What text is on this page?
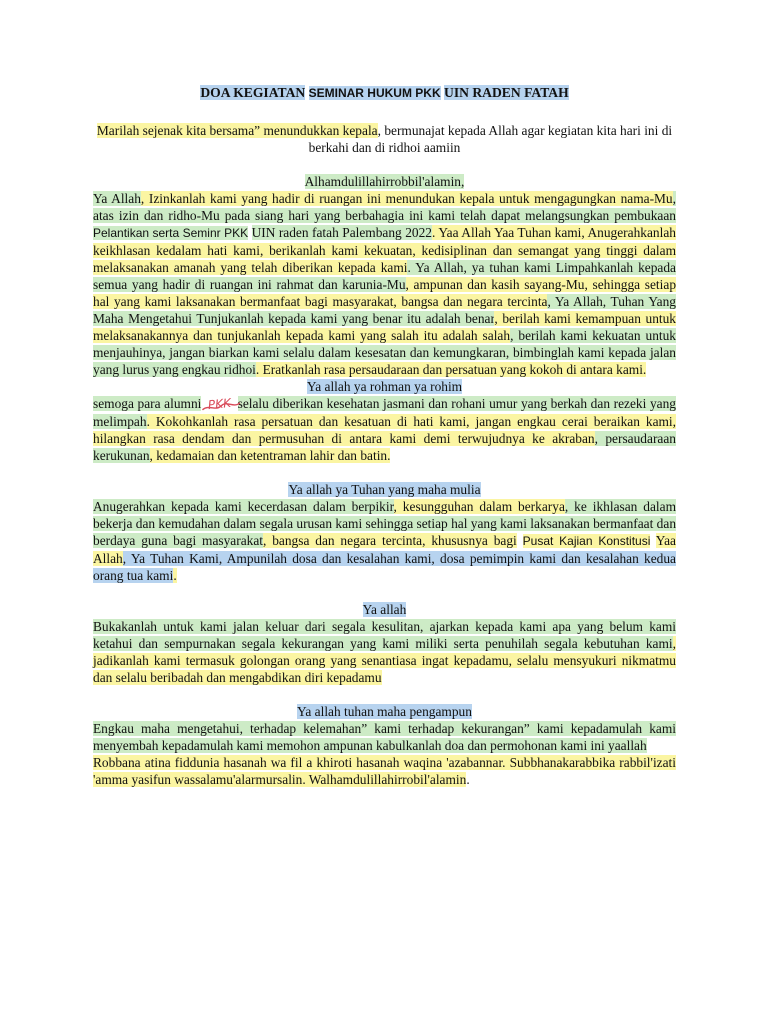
DOA KEGIATAN SEMINAR HUKUM PKK UIN RADEN FATAH

Marilah sejenak kita bersama” menundukkan kepala, bermunajat kepada Allah agar kegiatan kita hari ini di berkahi dan di ridhoi aamiin

Alhamdulillahirrobbil'alamin,

Ya Allah, Izinkanlah kami yang hadir di ruangan ini menundukan kepala untuk mengagungkan nama-Mu, atas izin dan ridho-Mu pada siang hari yang berbahagia ini kami telah dapat melangsungkan pembukaan Pelantikan serta Seminr PKK UIN raden fatah Palembang 2022. Yaa Allah Yaa Tuhan kami, Anugerahkanlah keikhlasan kedalam hati kami, berikanlah kami kekuatan, kedisiplinan dan semangat yang tinggi dalam melaksanakan amanah yang telah diberikan kepada kami. Ya Allah, ya tuhan kami Limpahkanlah kepada semua yang hadir di ruangan ini rahmat dan karunia-Mu, ampunan dan kasih sayang-Mu, sehingga setiap hal yang kami laksanakan bermanfaat bagi masyarakat, bangsa dan negara tercinta, Ya Allah, Tuhan Yang Maha Mengetahui Tunjukanlah kepada kami yang benar itu adalah benar, berilah kami kemampuan untuk melaksanakannya dan tunjukanlah kepada kami yang salah itu adalah salah, berilah kami kekuatan untuk menjauhinya, jangan biarkan kami selalu dalam kesesatan dan kemungkaran, bimbinglah kami kepada jalan yang lurus yang engkau ridhoi. Eratkanlah rasa persaudaraan dan persatuan yang kokoh di antara kami.

Ya allah ya rohman ya rohim

semoga para alumni PKK selalu diberikan kesehatan jasmani dan rohani umur yang berkah dan rezeki yang melimpah. Kokohkanlah rasa persatuan dan kesatuan di hati kami, jangan engkau cerai beraikan kami, hilangkan rasa dendam dan permusuhan di antara kami demi terwujudnya ke akraban, persaudaraan kerukunan, kedamaian dan ketentraman lahir dan batin.

Ya allah ya Tuhan yang maha mulia

Anugerahkan kepada kami kecerdasan dalam berpikir, kesungguhan dalam berkarya, ke ikhlasan dalam bekerja dan kemudahan dalam segala urusan kami sehingga setiap hal yang kami laksanakan bermanfaat dan berdaya guna bagi masyarakat, bangsa dan negara tercinta, khususnya bagi Pusat Kajian Konstitusi Yaa Allah, Ya Tuhan Kami, Ampunilah dosa dan kesalahan kami, dosa pemimpin kami dan kesalahan kedua orang tua kami.

Ya allah

Bukakanlah untuk kami jalan keluar dari segala kesulitan, ajarkan kepada kami apa yang belum kami ketahui dan sempurnakan segala kekurangan yang kami miliki serta penuhilah segala kebutuhan kami, jadikanlah kami termasuk golongan orang yang senantiasa ingat kepadamu, selalu mensyukuri nikmatmu dan selalu beribadah dan mengabdikan diri kepadamu

Ya allah tuhan maha pengampun

Engkau maha mengetahui, terhadap kelemahan” kami terhadap kekurangan” kami kepadamulah kami menyembah kepadamulah kami memohon ampunan kabulkanlah doa dan permohonan kami ini yaallah

Robbana atina fiddunia hasanah wa fil a khiroti hasanah waqina 'azabannar. Subbhanakarabbika rabbil'izati 'amma yasifun wassalamu'alarmursalin. Walhamdulillahirrobil'alamin.
